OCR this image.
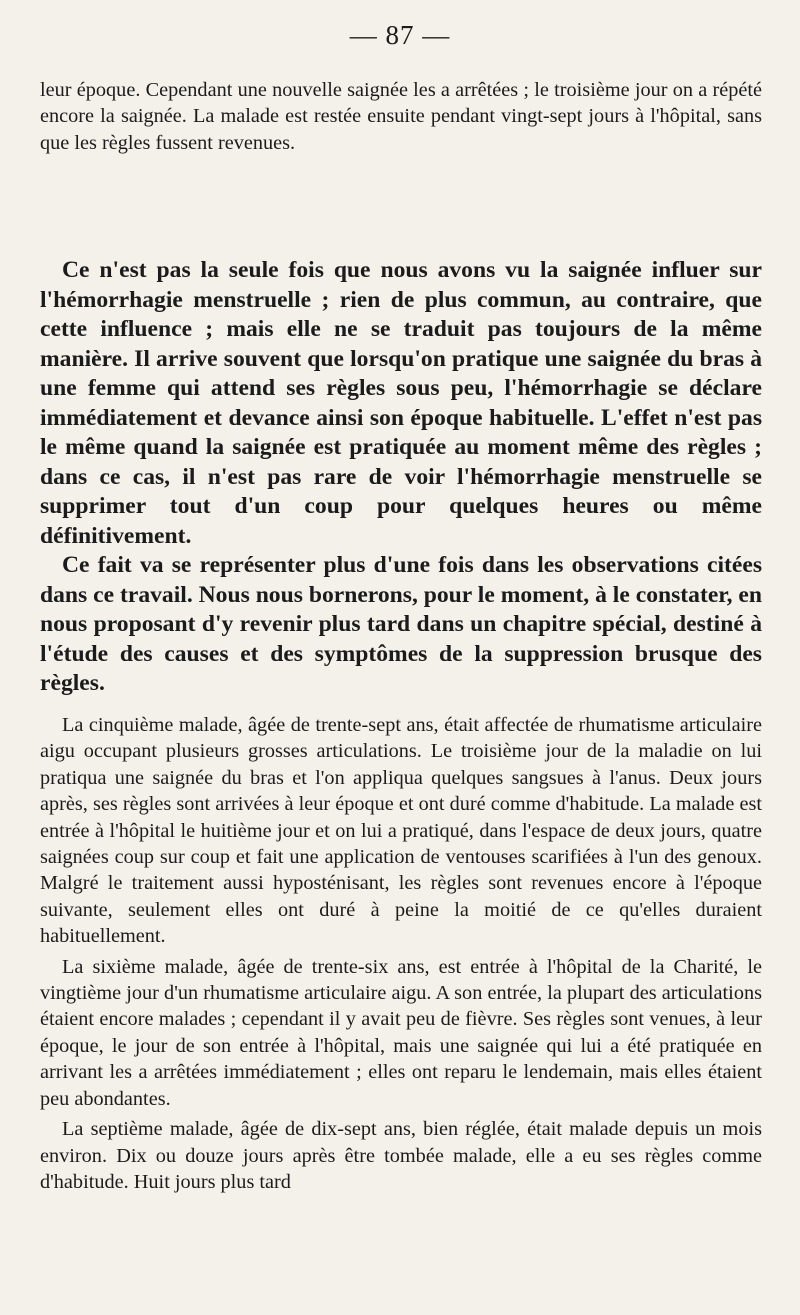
— 87 —

leur époque. Cependant une nouvelle saignée les a arrêtées ; le troisième jour on a répété encore la saignée. La malade est restée ensuite pendant vingt-sept jours à l'hôpital, sans que les règles fussent revenues.

Ce n'est pas la seule fois que nous avons vu la saignée influer sur l'hémorrhagie menstruelle ; rien de plus commun, au contraire, que cette influence ; mais elle ne se traduit pas toujours de la même manière. Il arrive souvent que lorsqu'on pratique une saignée du bras à une femme qui attend ses règles sous peu, l'hémorrhagie se déclare immédiatement et devance ainsi son époque habituelle. L'effet n'est pas le même quand la saignée est pratiquée au moment même des règles ; dans ce cas, il n'est pas rare de voir l'hémorrhagie menstruelle se supprimer tout d'un coup pour quelques heures ou même définitivement.

Ce fait va se représenter plus d'une fois dans les observations citées dans ce travail. Nous nous bornerons, pour le moment, à le constater, en nous proposant d'y revenir plus tard dans un chapitre spécial, destiné à l'étude des causes et des symptômes de la suppression brusque des règles.

La cinquième malade, âgée de trente-sept ans, était affectée de rhumatisme articulaire aigu occupant plusieurs grosses articulations. Le troisième jour de la maladie on lui pratiqua une saignée du bras et l'on appliqua quelques sangsues à l'anus. Deux jours après, ses règles sont arrivées à leur époque et ont duré comme d'habitude. La malade est entrée à l'hôpital le huitième jour et on lui a pratiqué, dans l'espace de deux jours, quatre saignées coup sur coup et fait une application de ventouses scarifiées à l'un des genoux. Malgré le traitement aussi hyposténisant, les règles sont revenues encore à l'époque suivante, seulement elles ont duré à peine la moitié de ce qu'elles duraient habituellement.

La sixième malade, âgée de trente-six ans, est entrée à l'hôpital de la Charité, le vingtième jour d'un rhumatisme articulaire aigu. A son entrée, la plupart des articulations étaient encore malades ; cependant il y avait peu de fièvre. Ses règles sont venues, à leur époque, le jour de son entrée à l'hôpital, mais une saignée qui lui a été pratiquée en arrivant les a arrêtées immédiatement ; elles ont reparu le lendemain, mais elles étaient peu abondantes.

La septième malade, âgée de dix-sept ans, bien réglée, était malade depuis un mois environ. Dix ou douze jours après être tombée malade, elle a eu ses règles comme d'habitude. Huit jours plus tard
